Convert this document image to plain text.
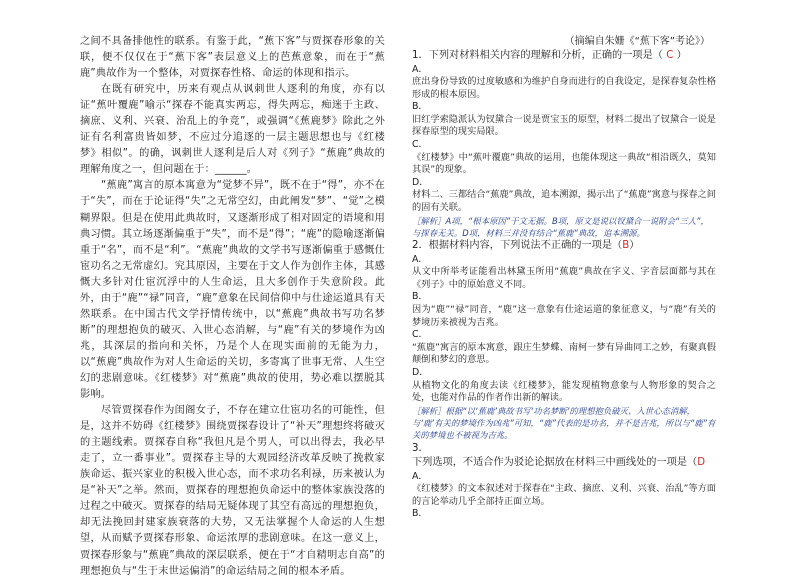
之间不具备排他性的联系。有鉴于此，“蕉下客”与贾探春形象的关联，便不仅仅在于“蕉下客”表层意义上的芭蕉意象，而在于“蕉鹿”典故作为一个整体，对贾探春性格、命运的体现和指示。

在既有研究中，历来有观点从讽刺世人逐利的角度，亦有以证“蕉叶覆鹿”喻示“探春不能真实两忘，得失两忘，痴迷于主政、摘庶、义利、兴衰、治乱上的争竞”，或强调“《蕉鹿梦》除此之外证有名利富贵皆如梦，不应过分追逐的一层主题思想也与《红楼梦》相似”。的确，讽刺世人逐利是后人对《列子》“蕉鹿”典故的理解角度之一，但问题在于：______。

“蕉鹿”寓言的原本寓意为“觉梦不异”，既不在于“得”，亦不在于“失”，而在于论证得“失”之无常空幻，由此阐发“梦”、“觉”之模糊界限。但是在使用此典故时，又逐渐形成了相对固定的语境和用典习惯。其立场逐渐偏重于“失”，而不是“得”；“鹿”的隐喻逐渐偏重于“名”，而不是“利”。“蕉鹿”典故的文学书写逐渐偏重于感慨仕宦功名之无常虚幻。究其原因，主要在于文人作为创作主体，其感慨大多针对仕宦沉浮中的人生命运，且大多创作于失意阶段。此外，由于“鹿”“禄”同音，“鹿”意象在民间信仰中与仕途运道具有天然联系。在中国古代文学抒情传统中，以“蕉鹿”典故书写功名梦断”的理想抱负的破灭、入世心态消解，与“鹿”有关的梦境作为凶兆，其深层的指向和关怀，乃是个人在现实面前的无能为力，以“蕉鹿”典故作为对人生命运的关切，多寄寓了世事无常、人生空幻的悲剧意味。《红楼梦》对“蕉鹿”典故的使用，势必难以摆脱其影响。

尽管贾探春作为闺阁女子，不存在建立仕宦功名的可能性，但是，这并不妨碍《红楼梦》围绕贾探春设计了“补天”理想终将破灭的主题线索。贾探春自称“我但凡是个男人，可以出得去，我必早走了，立一番事业”。贾探春主导的大观园经济改革反映了挽救家族命运、振兴家业的积极入世心态，而不求功名利禄，历来被认为是“补天”之举。然而，贾探春的理想抱负命运中的整体家族没落的过程之中破灭。贾探春的结局无疑体现了其空有高远的理想抱负，却无法挽回封建家族衰落的大势，又无法掌握个人命运的人生想望，从而赋予贾探春形象、命运浓厚的悲剧意味。在这一意义上，贾探春形象与“蕉鹿”典故的深层联系，便在于“才自精明志自高”的理想抱负与“生于末世运偏消”的命运结局之间的根本矛盾。

（摘编自朱姗《“蕉下客”考论》）

1．下列对材料相关内容的理解和分析，正确的一项是（ C ）

A．

庶出身份导致的过度敏感和为维护自身而进行的自我设定，是探春复杂性格形成的根本原因。

B．

旧红学索隐派认为钗黛合一说是贾宝玉的原型，材料二提出了钗黛合一说是探春原型的现实局限。

C．

《红楼梦》中“蕉叶覆鹿”典故的运用，也能体现这一典故“相沿既久，莫知其误”的现象。

D．

材料二、三都结合“蕉鹿”典故，追本溯源，揭示出了“蕉鹿”寓意与探春之间的固有关联。

［解析］A项，“根本原因”于文无据。B项，原文是说以钗黛合一说附会“三人”，与探春无关。D项，材料三并没有结合“蕉鹿”典故，追本溯源。

2．根据材料内容，下列说法不正确的一项是（B）

A．

从文中所举考证能看出林黛玉所用“蕉鹿”典故在字义、字音层面都与其在《列子》中的原始意义不同。

B．

因为“鹿”“禄”同音，“鹿”这一意象有仕途运道的象征意义，与“鹿”有关的梦境历来被视为吉兆。

C．

“蕉鹿”寓言的原本寓意，跟庄生梦蝶、南柯一梦有异曲同工之妙，有聚真假颠倒和梦幻的意思。

D．

从植物文化的角度去读《红楼梦》，能发现植物意象与人物形象的契合之处，也能对作品的作者作出新的解读。

［解析］根据“以‘蕉鹿’典故书写‘功名梦断’的理想抱负破灭、入世心态消解，与‘鹿’有关的梦境作为凶兆”可知，“鹿”代表的是功名，并不是吉兆，所以与“鹿”有关的梦境也不被视为吉兆。

3．

下列选项，不适合作为驳论论据放在材料三中画线处的一项是（D

A．

《红楼梦》的文本叙述对于探春在“主政、摘庶、义利、兴衰、治乱”等方面的言论举动几乎全部持正面立场。

B．
